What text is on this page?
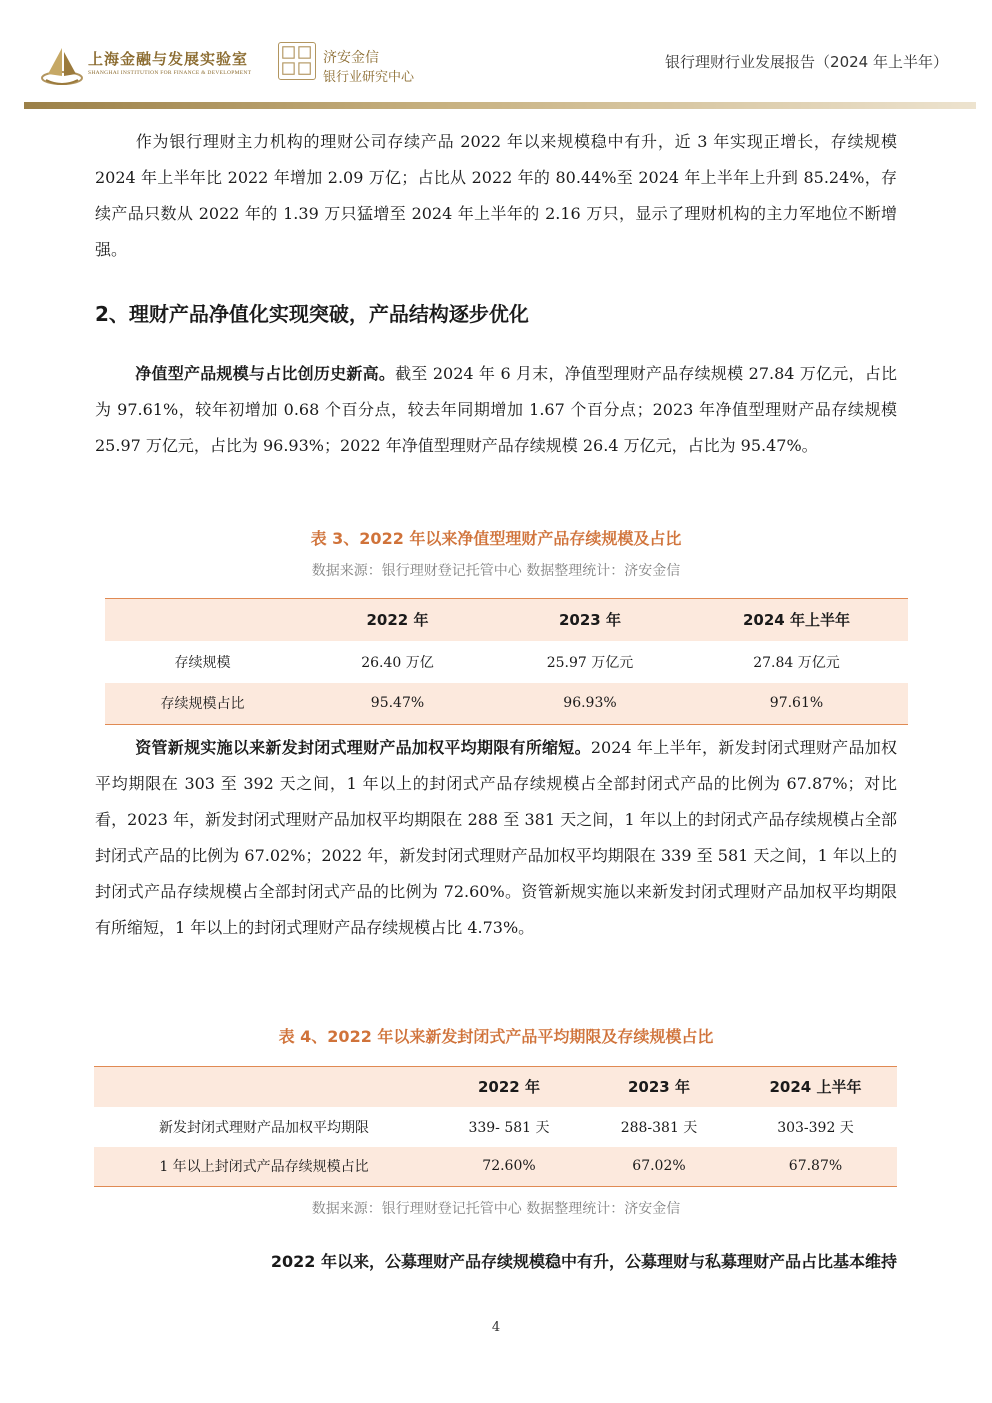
上海金融与发展实验室
SHANGHAI INSTITUTION FOR FINANCE & DEVELOPMENT
济安金信
银行业研究中心
银行理财行业发展报告（2024 年上半年）

作为银行理财主力机构的理财公司存续产品 2022 年以来规模稳中有升，近 3 年实现正增长，存续规模 2024 年上半年比 2022 年增加 2.09 万亿；占比从 2022 年的 80.44%至 2024 年上半年上升到 85.24%，存续产品只数从 2022 年的 1.39 万只猛增至 2024 年上半年的 2.16 万只，显示了理财机构的主力军地位不断增强。

2、理财产品净值化实现突破，产品结构逐步优化

净值型产品规模与占比创历史新高。截至 2024 年 6 月末，净值型理财产品存续规模 27.84 万亿元，占比为 97.61%，较年初增加 0.68 个百分点，较去年同期增加 1.67 个百分点；2023 年净值型理财产品存续规模 25.97 万亿元，占比为 96.93%；2022 年净值型理财产品存续规模 26.4 万亿元，占比为 95.47%。

表 3、2022 年以来净值型理财产品存续规模及占比
数据来源：银行理财登记托管中心 数据整理统计：济安金信
	2022 年	2023 年	2024 年上半年
存续规模	26.40 万亿	25.97 万亿元	27.84 万亿元
存续规模占比	95.47%	96.93%	97.61%

资管新规实施以来新发封闭式理财产品加权平均期限有所缩短。2024 年上半年，新发封闭式理财产品加权平均期限在 303 至 392 天之间，1 年以上的封闭式产品存续规模占全部封闭式产品的比例为 67.87%；对比看，2023 年，新发封闭式理财产品加权平均期限在 288 至 381 天之间，1 年以上的封闭式产品存续规模占全部封闭式产品的比例为 67.02%；2022 年，新发封闭式理财产品加权平均期限在 339 至 581 天之间，1 年以上的封闭式产品存续规模占全部封闭式产品的比例为 72.60%。资管新规实施以来新发封闭式理财产品加权平均期限有所缩短，1 年以上的封闭式理财产品存续规模占比 4.73%。

表 4、2022 年以来新发封闭式产品平均期限及存续规模占比
	2022 年	2023 年	2024 上半年
新发封闭式理财产品加权平均期限	339- 581 天	288-381 天	303-392 天
1 年以上封闭式产品存续规模占比	72.60%	67.02%	67.87%
数据来源：银行理财登记托管中心 数据整理统计：济安金信

2022 年以来，公募理财产品存续规模稳中有升，公募理财与私募理财产品占比基本维持

4
